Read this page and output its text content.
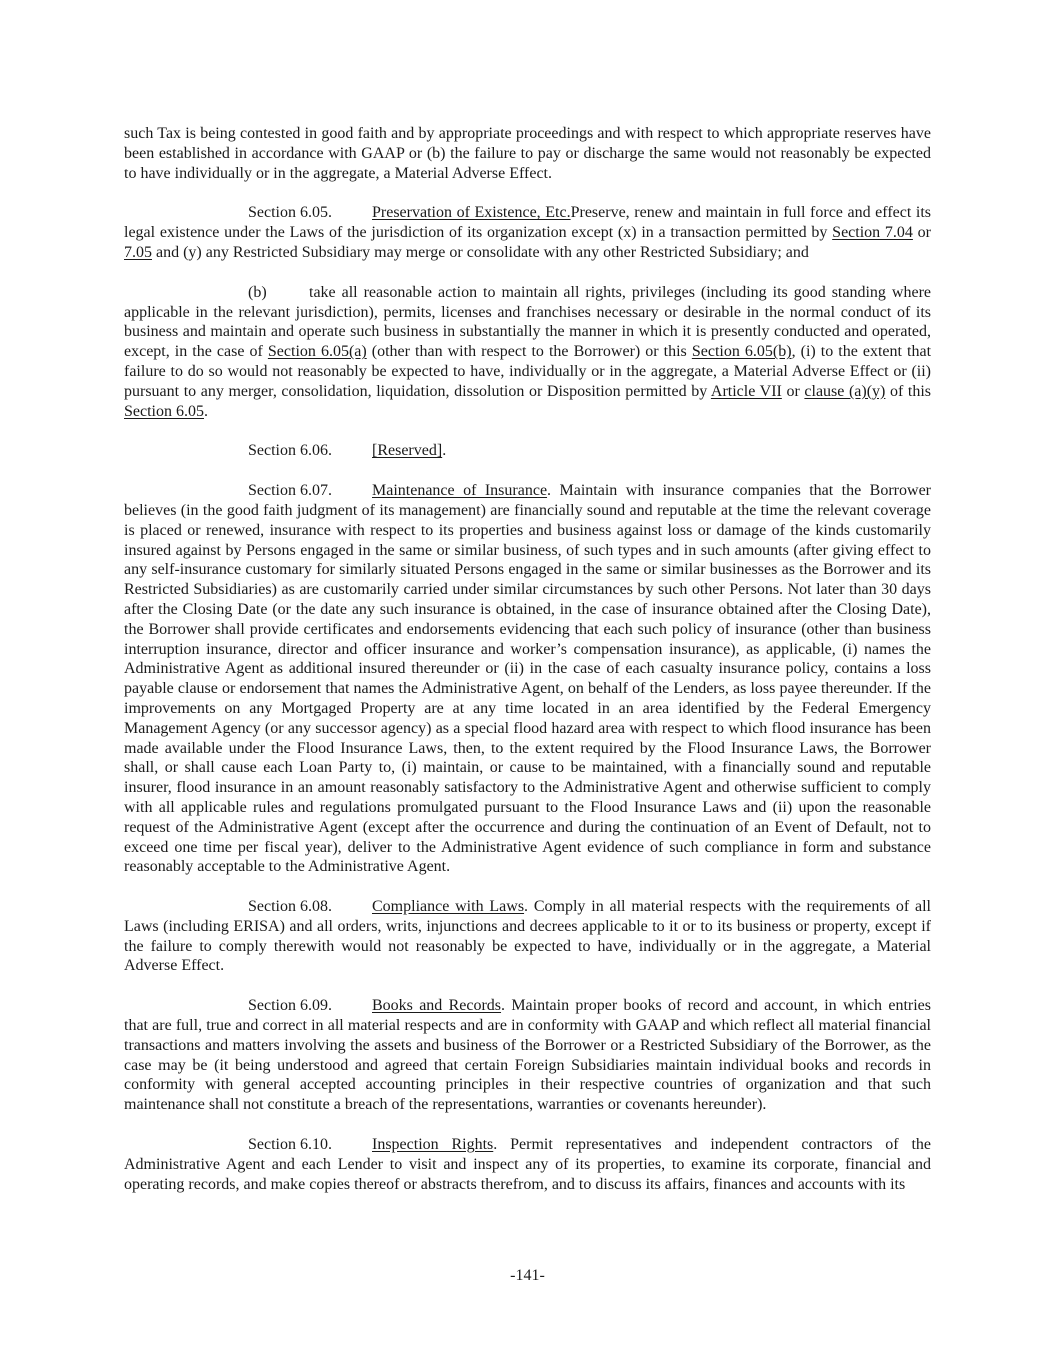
such Tax is being contested in good faith and by appropriate proceedings and with respect to which appropriate reserves have been established in accordance with GAAP or (b) the failure to pay or discharge the same would not reasonably be expected to have individually or in the aggregate, a Material Adverse Effect.

Section 6.05.	Preservation of Existence, Etc.Preserve, renew and maintain in full force and effect its legal existence under the Laws of the jurisdiction of its organization except (x) in a transaction permitted by Section 7.04 or 7.05 and (y) any Restricted Subsidiary may merge or consolidate with any other Restricted Subsidiary; and

(b)	take all reasonable action to maintain all rights, privileges (including its good standing where applicable in the relevant jurisdiction), permits, licenses and franchises necessary or desirable in the normal conduct of its business and maintain and operate such business in substantially the manner in which it is presently conducted and operated, except, in the case of Section 6.05(a) (other than with respect to the Borrower) or this Section 6.05(b), (i) to the extent that failure to do so would not reasonably be expected to have, individually or in the aggregate, a Material Adverse Effect or (ii) pursuant to any merger, consolidation, liquidation, dissolution or Disposition permitted by Article VII or clause (a)(y) of this Section 6.05.

Section 6.06.	[Reserved].

Section 6.07.	Maintenance of Insurance. Maintain with insurance companies that the Borrower believes (in the good faith judgment of its management) are financially sound and reputable at the time the relevant coverage is placed or renewed, insurance with respect to its properties and business against loss or damage of the kinds customarily insured against by Persons engaged in the same or similar business, of such types and in such amounts (after giving effect to any self-insurance customary for similarly situated Persons engaged in the same or similar businesses as the Borrower and its Restricted Subsidiaries) as are customarily carried under similar circumstances by such other Persons. Not later than 30 days after the Closing Date (or the date any such insurance is obtained, in the case of insurance obtained after the Closing Date), the Borrower shall provide certificates and endorsements evidencing that each such policy of insurance (other than business interruption insurance, director and officer insurance and worker’s compensation insurance), as applicable, (i) names the Administrative Agent as additional insured thereunder or (ii) in the case of each casualty insurance policy, contains a loss payable clause or endorsement that names the Administrative Agent, on behalf of the Lenders, as loss payee thereunder. If the improvements on any Mortgaged Property are at any time located in an area identified by the Federal Emergency Management Agency (or any successor agency) as a special flood hazard area with respect to which flood insurance has been made available under the Flood Insurance Laws, then, to the extent required by the Flood Insurance Laws, the Borrower shall, or shall cause each Loan Party to, (i) maintain, or cause to be maintained, with a financially sound and reputable insurer, flood insurance in an amount reasonably satisfactory to the Administrative Agent and otherwise sufficient to comply with all applicable rules and regulations promulgated pursuant to the Flood Insurance Laws and (ii) upon the reasonable request of the Administrative Agent (except after the occurrence and during the continuation of an Event of Default, not to exceed one time per fiscal year), deliver to the Administrative Agent evidence of such compliance in form and substance reasonably acceptable to the Administrative Agent.

Section 6.08.	Compliance with Laws. Comply in all material respects with the requirements of all Laws (including ERISA) and all orders, writs, injunctions and decrees applicable to it or to its business or property, except if the failure to comply therewith would not reasonably be expected to have, individually or in the aggregate, a Material Adverse Effect.

Section 6.09.	Books and Records. Maintain proper books of record and account, in which entries that are full, true and correct in all material respects and are in conformity with GAAP and which reflect all material financial transactions and matters involving the assets and business of the Borrower or a Restricted Subsidiary of the Borrower, as the case may be (it being understood and agreed that certain Foreign Subsidiaries maintain individual books and records in conformity with general accepted accounting principles in their respective countries of organization and that such maintenance shall not constitute a breach of the representations, warranties or covenants hereunder).

Section 6.10.	Inspection Rights. Permit representatives and independent contractors of the Administrative Agent and each Lender to visit and inspect any of its properties, to examine its corporate, financial and operating records, and make copies thereof or abstracts therefrom, and to discuss its affairs, finances and accounts with its

-141-
